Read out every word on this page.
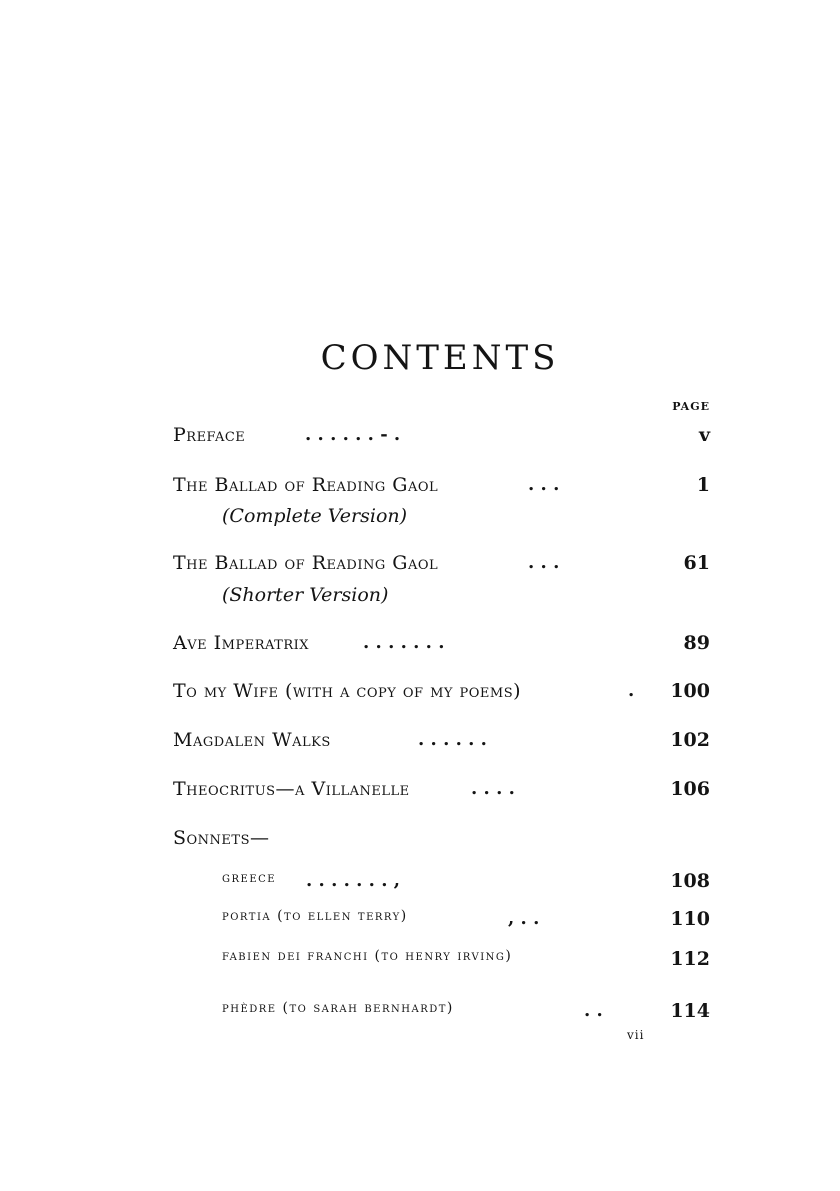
CONTENTS
PAGE
Preface	. . . . . . - .	v
The Ballad of Reading Gaol	. . .	1
(Complete Version)
The Ballad of Reading Gaol	. . .	61
(Shorter Version)
Ave Imperatrix	. . . . . . .	89
To my Wife (with a copy of my poems)	.	100
Magdalen Walks	. . . . . .	102
Theocritus—a Villanelle	. . . .	106
Sonnets—
greece . . . . . . . ,	108
portia (to ellen terry)	, . .	110
fabien dei franchi (to henry irving)	112
phèdre (to sarah bernhardt)	. .	114
vii
